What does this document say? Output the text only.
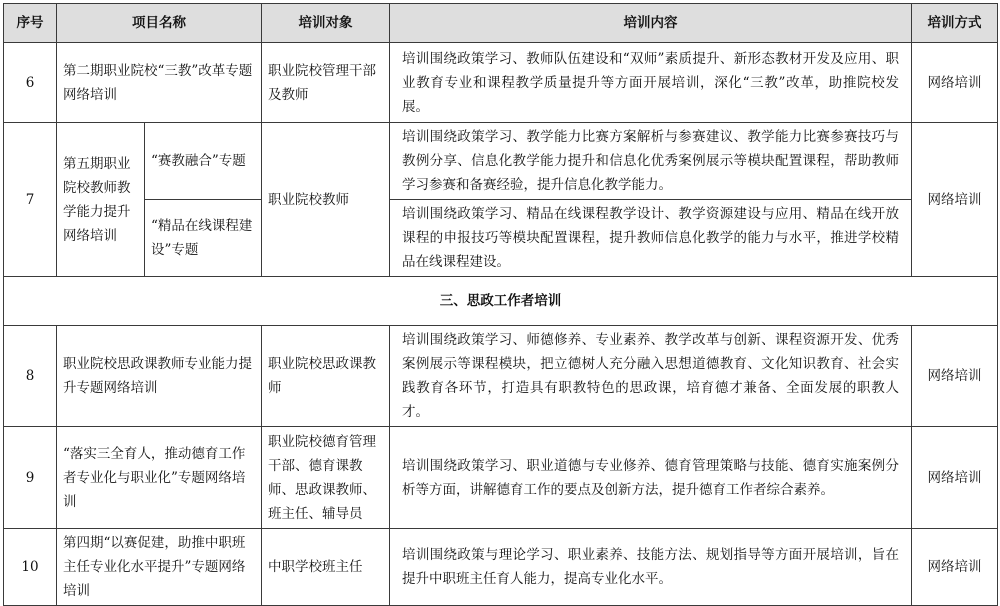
序号	项目名称		培训对象	培训内容	培训方式
6	第二期职业院校“三教”改革专题网络培训		职业院校管理干部及教师	培训围绕政策学习、教师队伍建设和“双师”素质提升、新形态教材开发及应用、职业教育专业和课程教学质量提升等方面开展培训，深化“三教”改革，助推院校发展。	网络培训
7	第五期职业院校教师教学能力提升网络培训	“赛教融合”专题	职业院校教师	培训围绕政策学习、教学能力比赛方案解析与参赛建议、教学能力比赛参赛技巧与教例分享、信息化教学能力提升和信息化优秀案例展示等模块配置课程，帮助教师学习参赛和备赛经验，提升信息化教学能力。	网络培训
		“精品在线课程建设”专题		培训围绕政策学习、精品在线课程教学设计、教学资源建设与应用、精品在线开放课程的申报技巧等模块配置课程，提升教师信息化教学的能力与水平，推进学校精品在线课程建设。	
三、思政工作者培训					
8	职业院校思政课教师专业能力提升专题网络培训		职业院校思政课教师	培训围绕政策学习、师德修养、专业素养、教学改革与创新、课程资源开发、优秀案例展示等课程模块，把立德树人充分融入思想道德教育、文化知识教育、社会实践教育各环节，打造具有职教特色的思政课，培育德才兼备、全面发展的职教人才。	网络培训
9	“落实三全育人，推动德育工作者专业化与职业化”专题网络培训		职业院校德育管理干部、德育课教师、思政课教师、班主任、辅导员	培训围绕政策学习、职业道德与专业修养、德育管理策略与技能、德育实施案例分析等方面，讲解德育工作的要点及创新方法，提升德育工作者综合素养。	网络培训
10	第四期“以赛促建，助推中职班主任专业化水平提升”专题网络培训		中职学校班主任	培训围绕政策与理论学习、职业素养、技能方法、规划指导等方面开展培训，旨在提升中职班主任育人能力，提高专业化水平。	网络培训
